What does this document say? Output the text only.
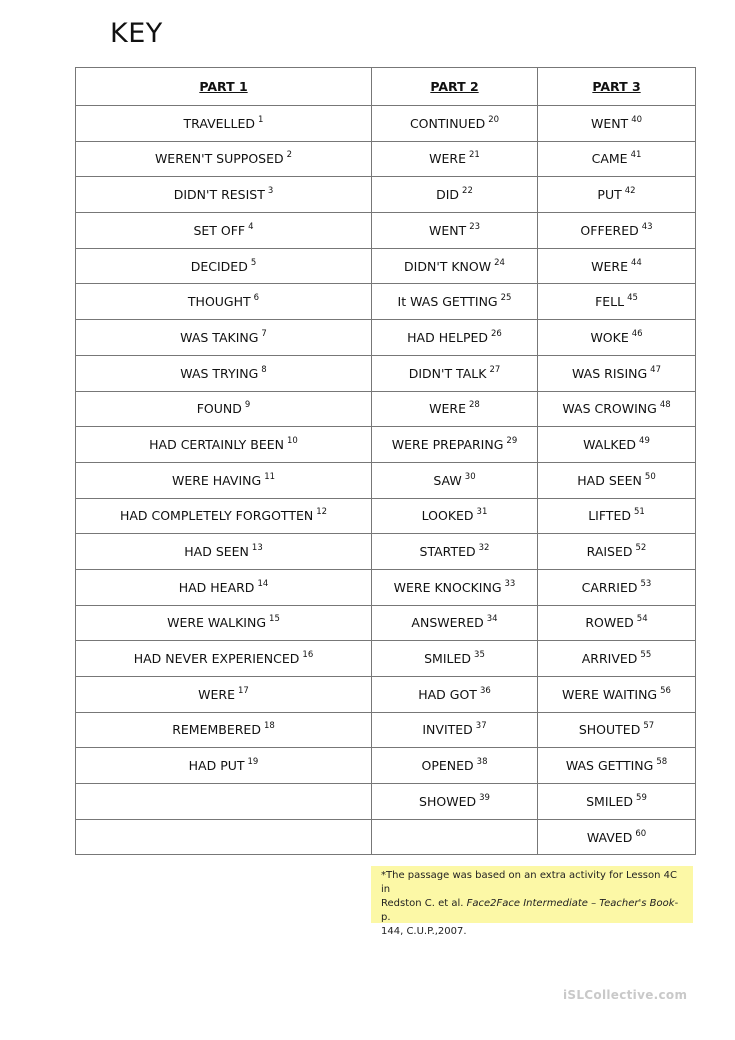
KEY
PART 1	PART 2	PART 3
TRAVELLED $^1$	CONTINUED $^{20}$	WENT $^{40}$
WEREN'T SUPPOSED $^2$	WERE $^{21}$	CAME $^{41}$
DIDN'T RESIST $^3$	DID $^{22}$	PUT $^{42}$
SET OFF $^4$	WENT $^{23}$	OFFERED $^{43}$
DECIDED $^5$	DIDN'T KNOW $^{24}$	WERE $^{44}$
THOUGHT $^6$	It WAS GETTING $^{25}$	FELL $^{45}$
WAS TAKING $^7$	HAD HELPED $^{26}$	WOKE $^{46}$
WAS TRYING $^8$	DIDN'T TALK $^{27}$	WAS RISING $^{47}$
FOUND $^9$	WERE $^{28}$	WAS CROWING $^{48}$
HAD CERTAINLY BEEN $^{10}$	WERE PREPARING $^{29}$	WALKED $^{49}$
WERE HAVING $^{11}$	SAW $^{30}$	HAD SEEN $^{50}$
HAD COMPLETELY FORGOTTEN $^{12}$	LOOKED $^{31}$	LIFTED $^{51}$
HAD SEEN $^{13}$	STARTED $^{32}$	RAISED $^{52}$
HAD HEARD $^{14}$	WERE KNOCKING $^{33}$	CARRIED $^{53}$
WERE WALKING $^{15}$	ANSWERED $^{34}$	ROWED $^{54}$
HAD NEVER EXPERIENCED $^{16}$	SMILED $^{35}$	ARRIVED $^{55}$
WERE $^{17}$	HAD GOT $^{36}$	WERE WAITING $^{56}$
REMEMBERED $^{18}$	INVITED $^{37}$	SHOUTED $^{57}$
HAD PUT $^{19}$	OPENED $^{38}$	WAS GETTING $^{58}$
	SHOWED $^{39}$	SMILED $^{59}$
		WAVED $^{60}$
*The passage was based on an extra activity for Lesson 4C in
Redston C. et al. Face2Face Intermediate – Teacher's Book- p.
144, C.U.P.,2007.
iSLCollective.com
